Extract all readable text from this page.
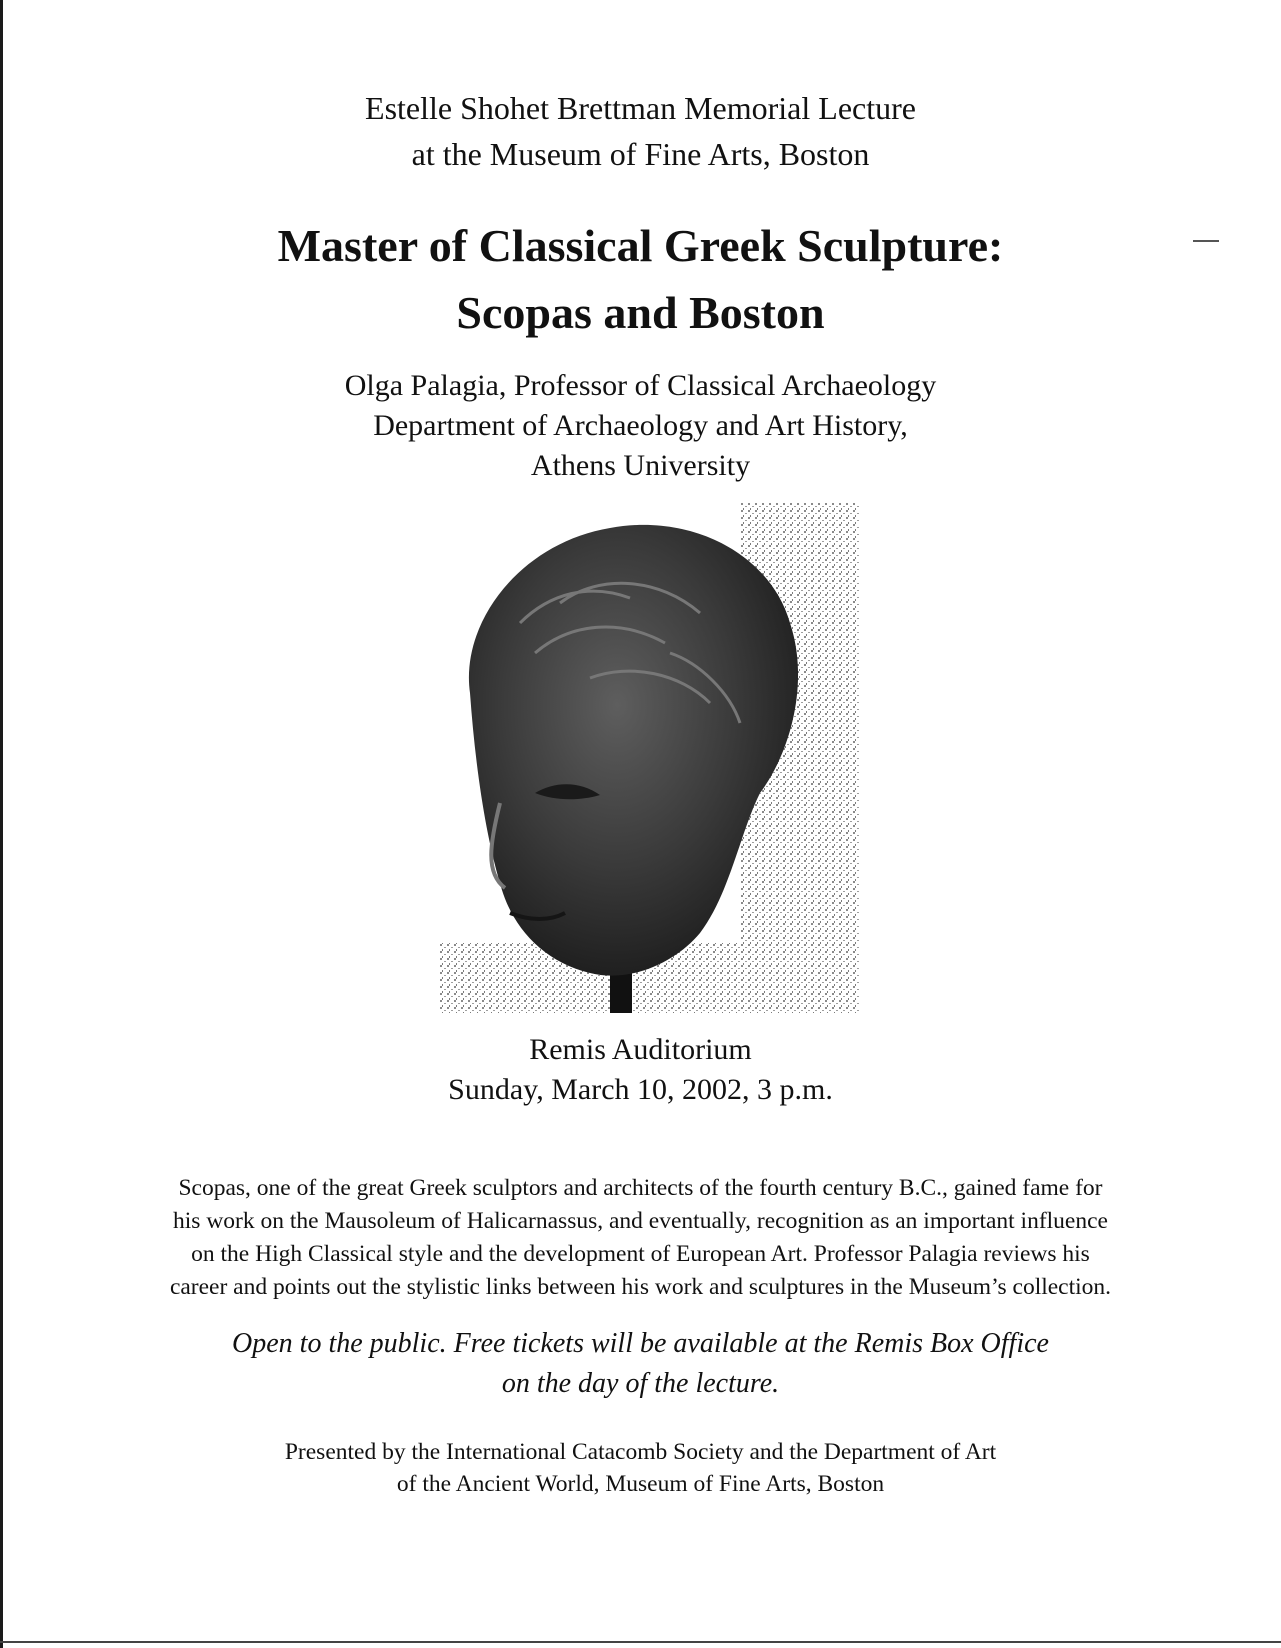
Estelle Shohet Brettman Memorial Lecture
at the Museum of Fine Arts, Boston

Master of Classical Greek Sculpture:
Scopas and Boston

Olga Palagia, Professor of Classical Archaeology
Department of Archaeology and Art History,
Athens University

Remis Auditorium
Sunday, March 10, 2002, 3 p.m.

Scopas, one of the great Greek sculptors and architects of the fourth century B.C., gained fame for
his work on the Mausoleum of Halicarnassus, and eventually, recognition as an important influence
on the High Classical style and the development of European Art. Professor Palagia reviews his
career and points out the stylistic links between his work and sculptures in the Museum’s collection.

Open to the public. Free tickets will be available at the Remis Box Office
on the day of the lecture.

Presented by the International Catacomb Society and the Department of Art
of the Ancient World, Museum of Fine Arts, Boston
